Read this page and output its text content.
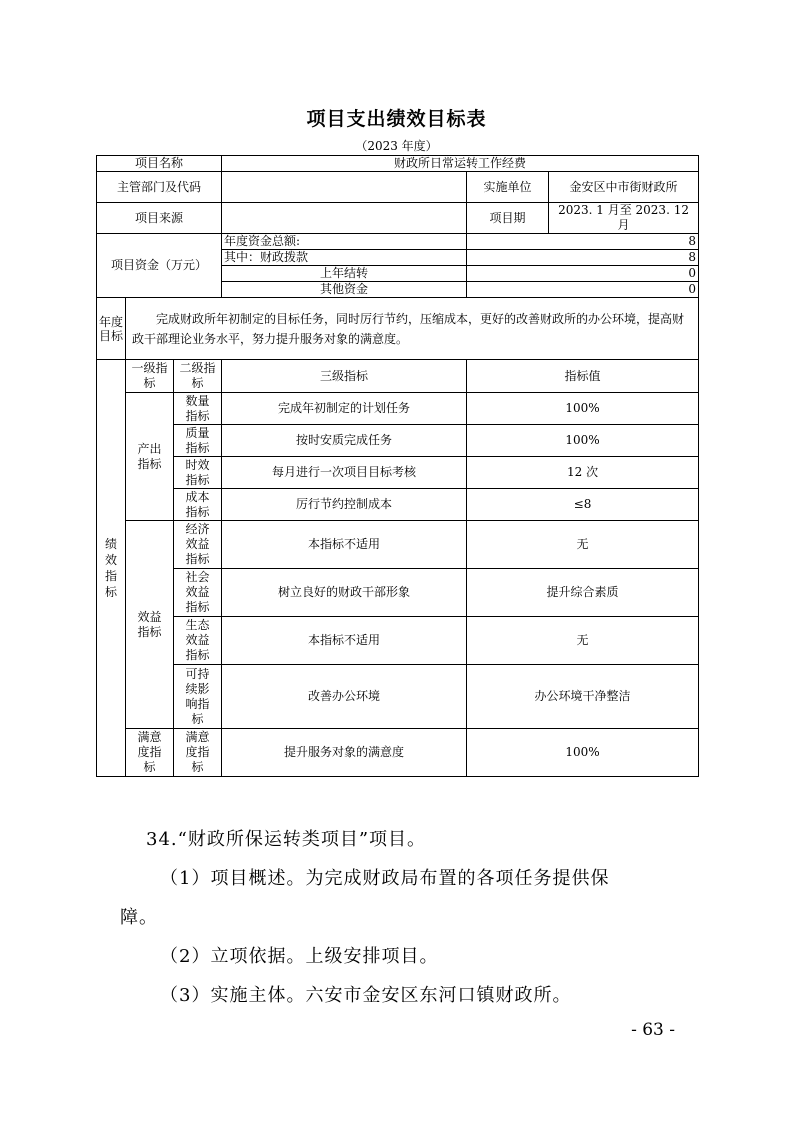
项目支出绩效目标表
（2023 年度）
项目名称			财政所日常运转工作经费		
主管部门及代码				实施单位	金安区中市街财政所
项目来源				项目期	2023. 1 月至 2023. 12 月
项目资金（万元）			年度资金总额:	8	
			其中：财政拨款	8	
			上年结转	0	
			其他资金	0	
年度目标	完成财政所年初制定的目标任务，同时厉行节约，压缩成本，更好的改善财政所的办公环境，提高财政干部理论业务水平，努力提升服务对象的满意度。				
绩效指标	一级指标	二级指标	三级指标	指标值	
	产出指标	数量指标	完成年初制定的计划任务	100%	
		质量指标	按时安质完成任务	100%	
		时效指标	每月进行一次项目目标考核	12 次	
		成本指标	厉行节约控制成本	≤8	
	效益指标	经济效益指标	本指标不适用	无	
		社会效益指标	树立良好的财政干部形象	提升综合素质	
		生态效益指标	本指标不适用	无	
		可持续影响指标	改善办公环境	办公环境干净整洁	
	满意度指标	满意度指标	提升服务对象的满意度	100%	
34.“财政所保运转类项目”项目。
（1）项目概述。为完成财政局布置的各项任务提供保
障。
（2）立项依据。上级安排项目。
（3）实施主体。六安市金安区东河口镇财政所。
- 63 -
